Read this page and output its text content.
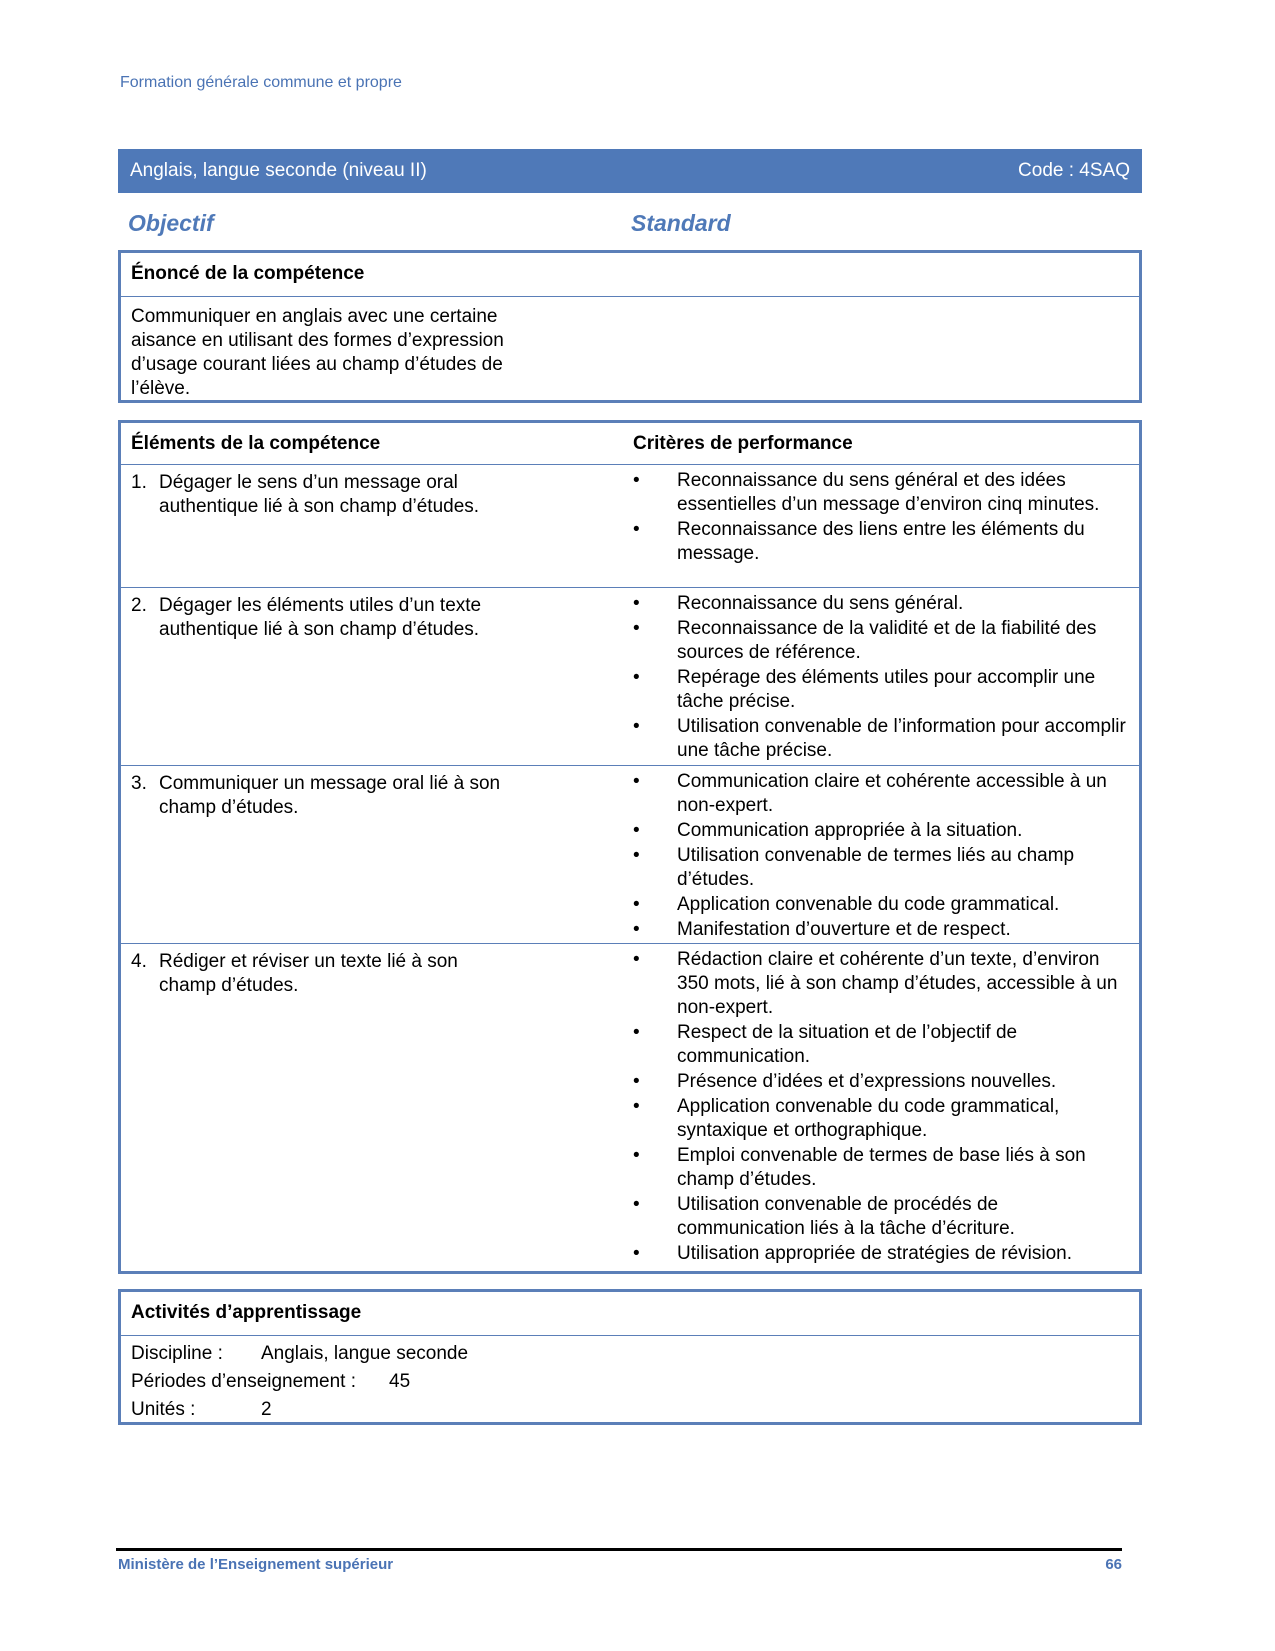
Formation générale commune et propre
Anglais, langue seconde (niveau II)	Code : 4SAQ
Objectif	Standard
Énoncé de la compétence
Communiquer en anglais avec une certaine aisance en utilisant des formes d’expression d’usage courant liées au champ d’études de l’élève.
Éléments de la compétence	Critères de performance
1. Dégager le sens d’un message oral authentique lié à son champ d’études.
•	Reconnaissance du sens général et des idées essentielles d’un message d’environ cinq minutes.
•	Reconnaissance des liens entre les éléments du message.
2. Dégager les éléments utiles d’un texte authentique lié à son champ d’études.
•	Reconnaissance du sens général.
•	Reconnaissance de la validité et de la fiabilité des sources de référence.
•	Repérage des éléments utiles pour accomplir une tâche précise.
•	Utilisation convenable de l’information pour accomplir une tâche précise.
3. Communiquer un message oral lié à son champ d’études.
•	Communication claire et cohérente accessible à un non-expert.
•	Communication appropriée à la situation.
•	Utilisation convenable de termes liés au champ d’études.
•	Application convenable du code grammatical.
•	Manifestation d’ouverture et de respect.
4. Rédiger et réviser un texte lié à son champ d’études.
•	Rédaction claire et cohérente d’un texte, d’environ 350 mots, lié à son champ d’études, accessible à un non-expert.
•	Respect de la situation et de l’objectif de communication.
•	Présence d’idées et d’expressions nouvelles.
•	Application convenable du code grammatical, syntaxique et orthographique.
•	Emploi convenable de termes de base liés à son champ d’études.
•	Utilisation convenable de procédés de communication liés à la tâche d’écriture.
•	Utilisation appropriée de stratégies de révision.
Activités d’apprentissage
Discipline :	Anglais, langue seconde
Périodes d’enseignement :	45
Unités :	2
Ministère de l’Enseignement supérieur	66
